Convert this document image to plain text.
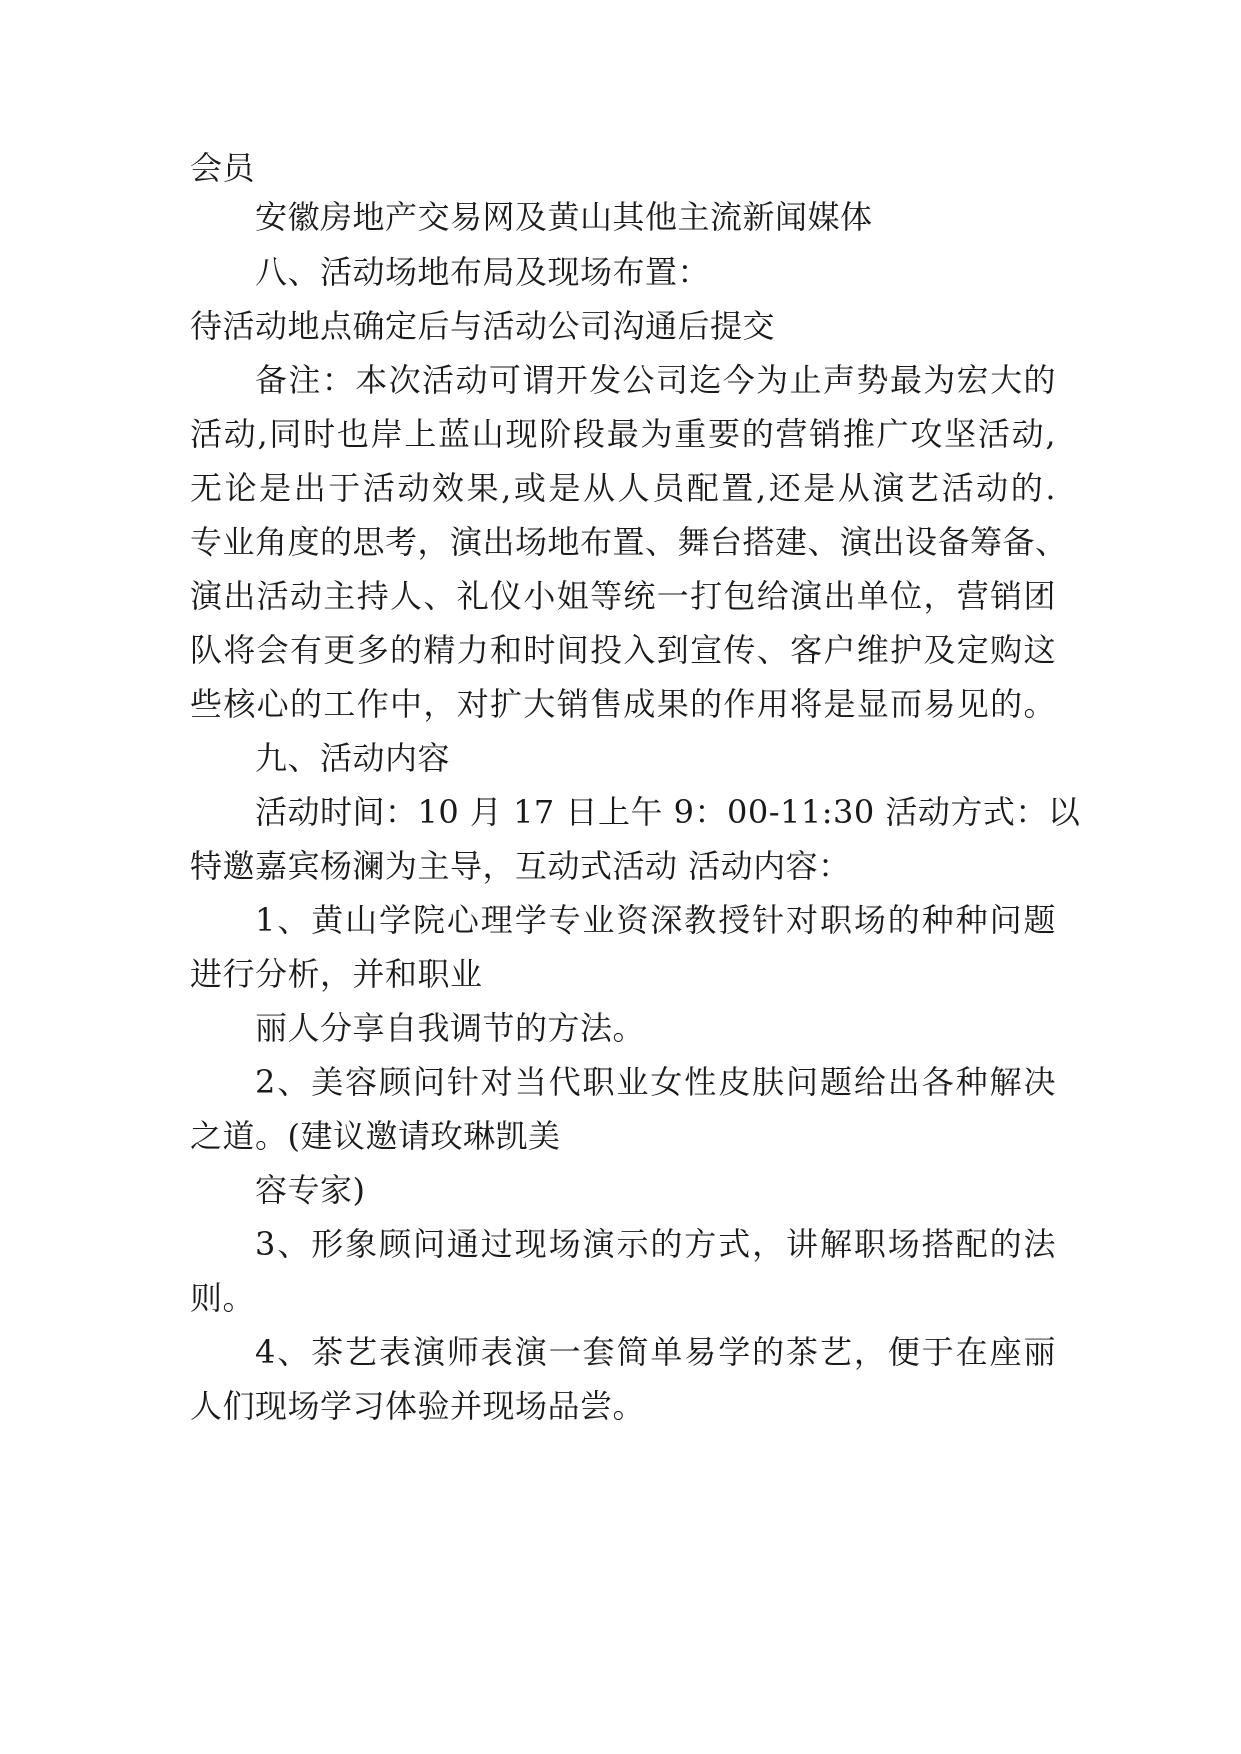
会员
安徽房地产交易网及黄山其他主流新闻媒体
八、活动场地布局及现场布置：
待活动地点确定后与活动公司沟通后提交
备注：本次活动可谓开发公司迄今为止声势最为宏大的
活动,同时也岸上蓝山现阶段最为重要的营销推广攻坚活动,
无论是出于活动效果,或是从人员配置,还是从演艺活动的.
专业角度的思考，演出场地布置、舞台搭建、演出设备筹备、
演出活动主持人、礼仪小姐等统一打包给演出单位，营销团
队将会有更多的精力和时间投入到宣传、客户维护及定购这
些核心的工作中，对扩大销售成果的作用将是显而易见的。
九、活动内容
活动时间：10 月 17 日上午 9：00-11:30 活动方式：以
特邀嘉宾杨澜为主导，互动式活动 活动内容：
1、黄山学院心理学专业资深教授针对职场的种种问题
进行分析，并和职业
丽人分享自我调节的方法。
2、美容顾问针对当代职业女性皮肤问题给出各种解决
之道。(建议邀请玫琳凯美
容专家)
3、形象顾问通过现场演示的方式，讲解职场搭配的法
则。
4、茶艺表演师表演一套简单易学的茶艺，便于在座丽
人们现场学习体验并现场品尝。
